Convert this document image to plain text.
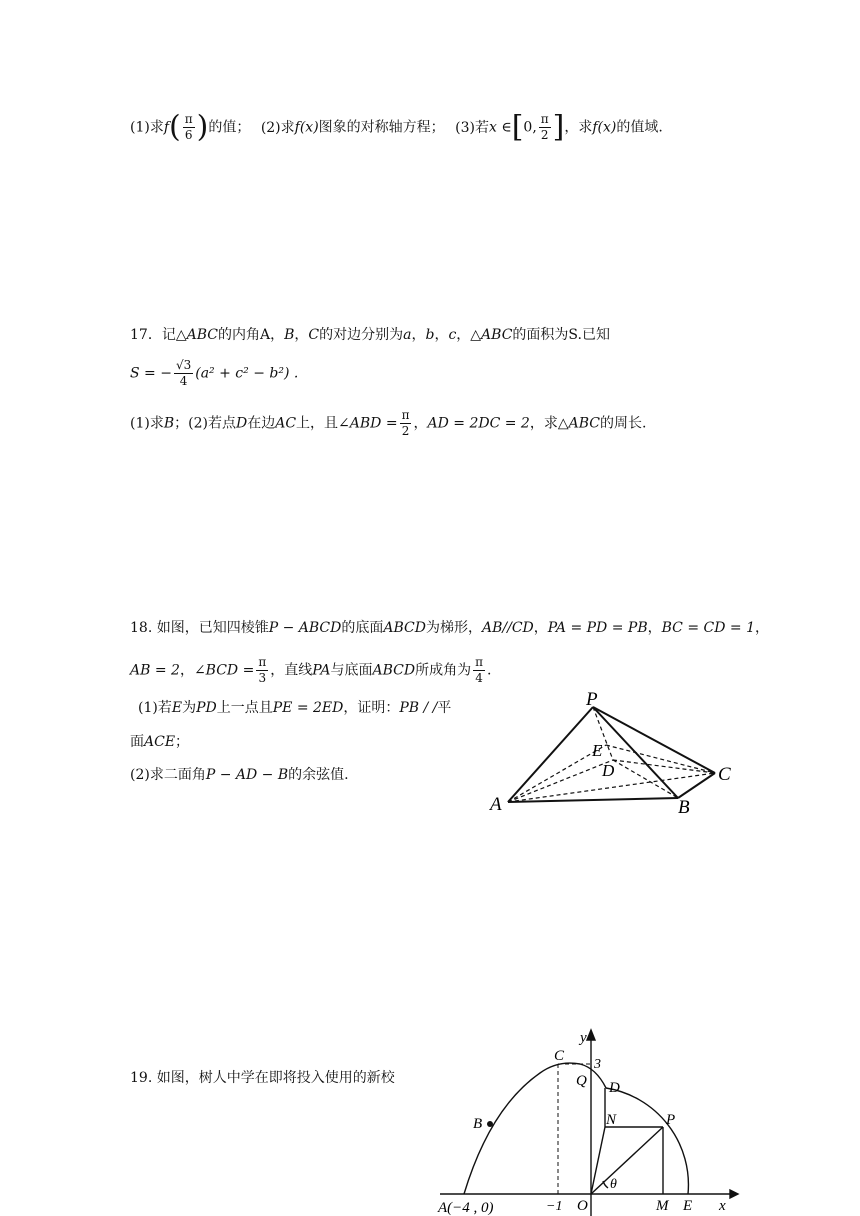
(1)求$f( \frac{\pi}{6}$ )的值； (2)求f(x)图象的对称轴方程； (3)若x ∈[0, $\frac{\pi}{2}$ ]，求f(x)的值域.
17．记△ABC的内角A，B，C的对边分别为a，b，c，△ABC的面积为S.已知
S = − $\frac{√3}{4} (a^2 + c^2 - b^2)$ .
(1)求B；(2)若点D在边AC上，且∠ABD = $\frac{\pi}{2}$ ，AD = 2DC = 2，求△ABC的周长.
18. 如图，已知四棱锥P − ABCD的底面ABCD为梯形，AB//CD，PA = PD = PB，BC = CD = 1，
AB = 2，∠BCD = $\frac{\pi}{3}$ ，直线PA与底面ABCD所成角为 $\frac{\pi}{4}$ .
(1)若E为PD上一点且PE = 2ED，证明：PB / /平
面ACE；
(2)求二面角P − AD − B的余弦值.
P
E
D	C
A	B
19. 如图，树人中学在即将投入使用的新校
y
C
3
Q D
B	N	P
θ
A(−4 , 0)	−1 O	M E x
